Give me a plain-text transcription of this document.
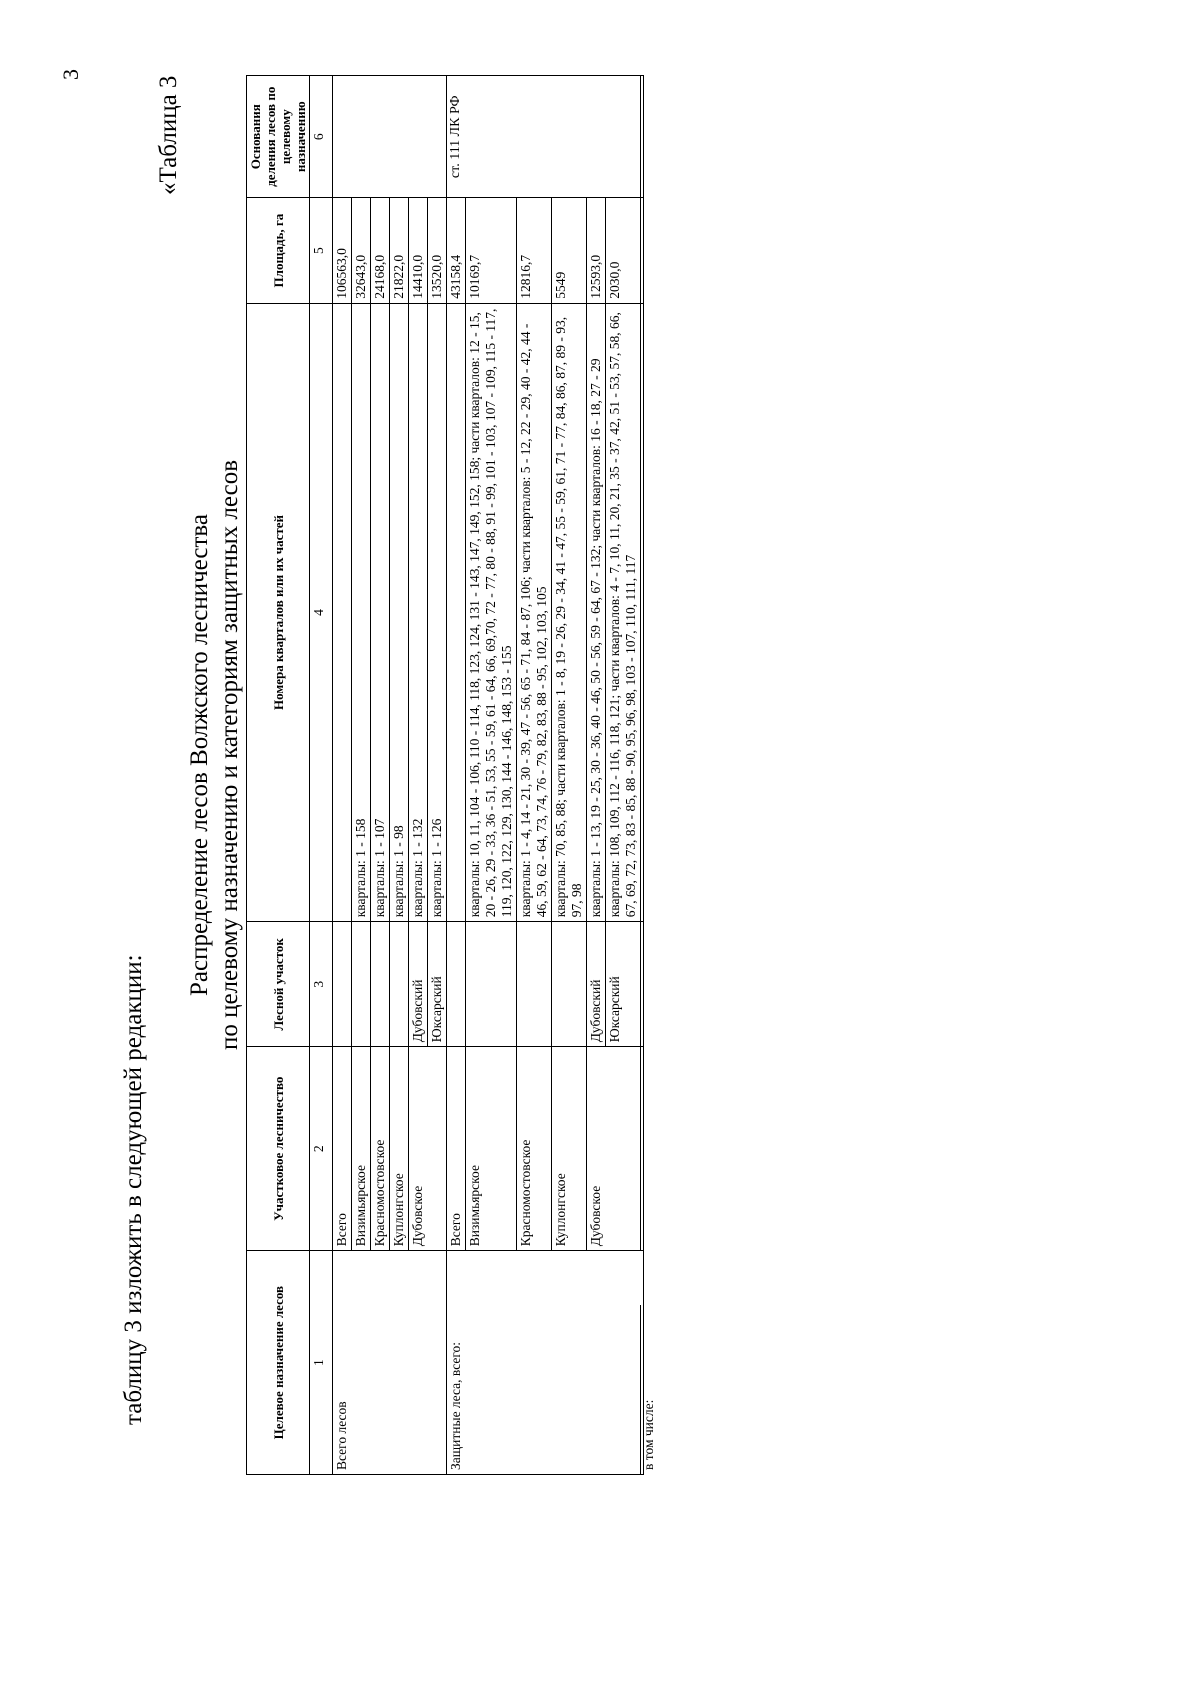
3
«Таблица 3
таблицу 3 изложить в следующей редакции:
Распределение лесов Волжского лесничества по целевому назначению и категориям защитных лесов
Целевое назначение лесов	Участковое лесничество	Лесной участок	Номера кварталов или их частей	Площадь, га	Основания деления лесов по целевому назначению
1	2	3	4	5	6
Всего лесов	Всего			106563,0	
	Визимьярское		кварталы: 1 - 158	32643,0	
	Красномостовское		кварталы: 1 - 107	24168,0	
	Куплонгское		кварталы: 1 - 98	21822,0	
	Дубовское	Дубовский	кварталы: 1 - 132	14410,0	
		Юксарский	кварталы: 1 - 126	13520,0	
Защитные леса, всего:	Всего			43158,4	ст. 111 ЛК РФ
	Визимьярское		кварталы: 10, 11, 104 - 106, 110 - 114, 118, 123, 124, 131 - 143, 147, 149, 152, 158; части кварталов: 12 - 15, 20 - 26, 29 - 33, 36 - 51, 53, 55 - 59, 61 - 64, 66, 69,70, 72 - 77, 80 - 88, 91 - 99, 101 - 103, 107 - 109, 115 - 117, 119, 120, 122, 129, 130, 144 - 146, 148, 153 - 155	10169,7	
	Красномостовское		кварталы: 1 - 4, 14 - 21, 30 - 39, 47 - 56, 65 - 71, 84 - 87, 106; части кварталов: 5 - 12, 22 - 29, 40 - 42, 44 - 46, 59, 62 - 64, 73, 74, 76 - 79, 82, 83, 88 - 95, 102, 103, 105	12816,7	
	Куплонгское		кварталы: 70, 85, 88; части кварталов: 1 - 8, 19 - 26, 29 - 34, 41 - 47, 55 - 59, 61, 71 - 77, 84, 86, 87, 89 - 93, 97, 98	5549	
	Дубовское	Дубовский	кварталы: 1 - 13, 19 - 25, 30 - 36, 40 - 46, 50 - 56, 59 - 64, 67 - 132; части кварталов: 16 - 18, 27 - 29	12593,0	
		Юксарский	кварталы: 108, 109, 112 - 116, 118, 121; части кварталов: 4 - 7, 10, 11, 20, 21, 35 - 37, 42, 51 - 53, 57, 58, 66, 67, 69, 72, 73, 83 - 85, 88 - 90, 95, 96, 98, 103 - 107, 110, 111, 117	2030,0	

в том числе:
